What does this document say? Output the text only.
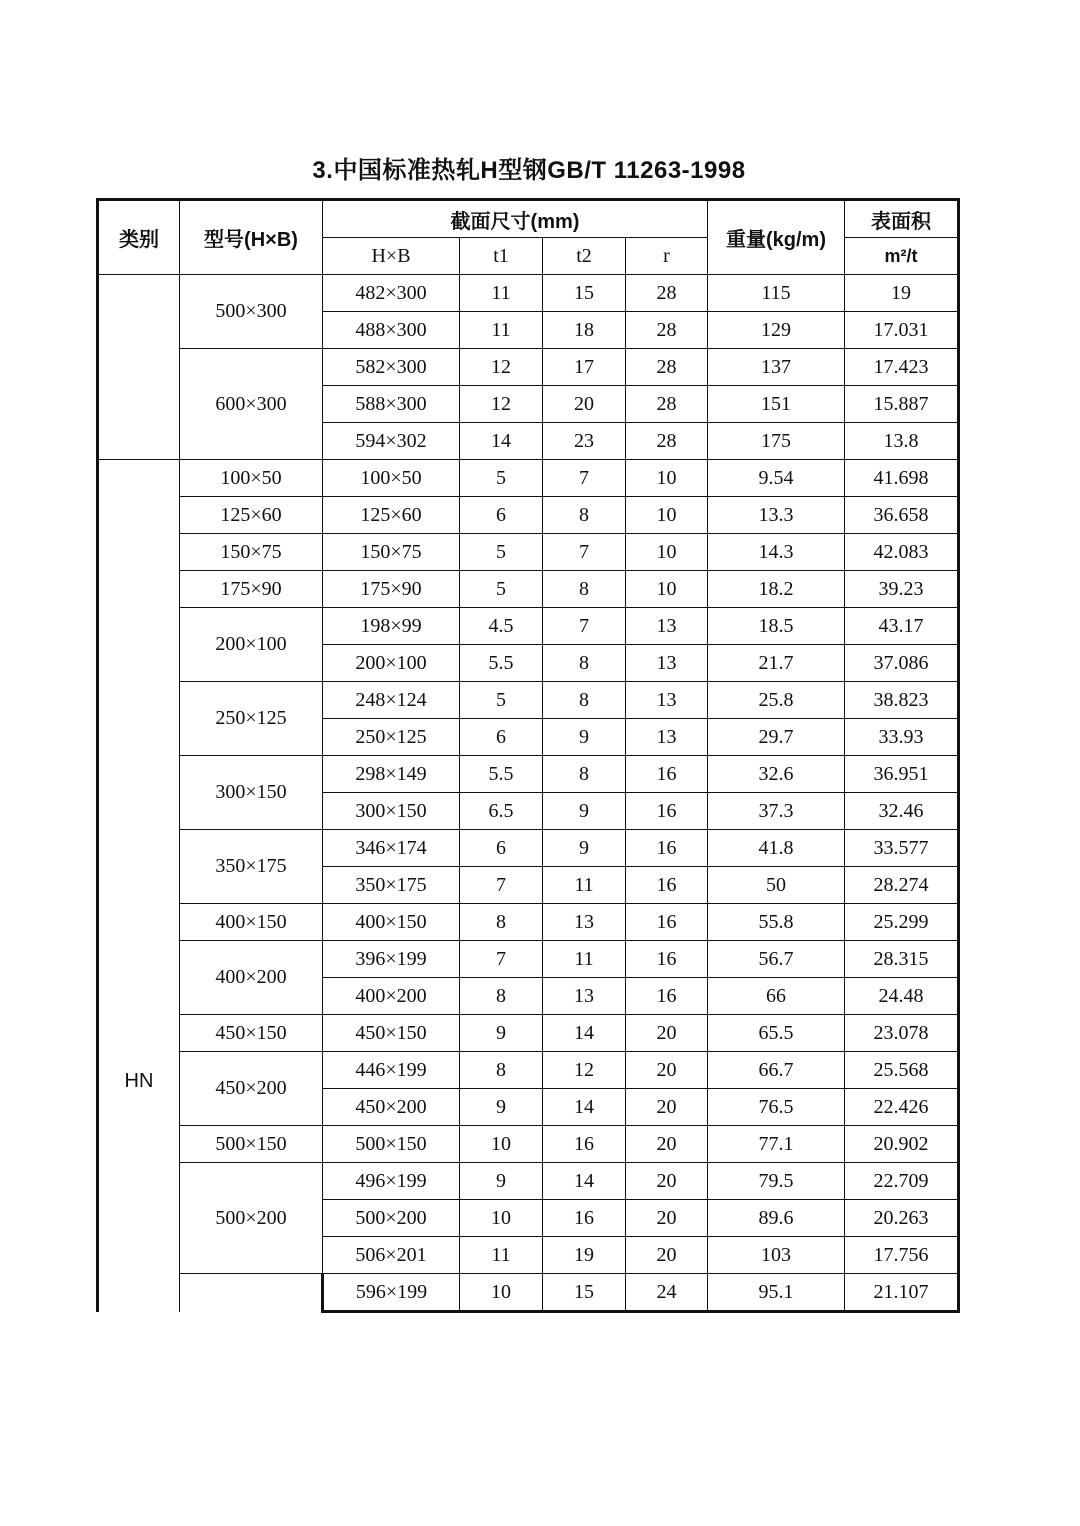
3.中国标准热轧H型钢GB/T 11263-1998
类别	型号(H×B)	截面尺寸(mm)				重量(kg/m)	表面积
		H×B	t1	t2	r		m²/t
	500×300	482×300	11	15	28	115	19
		488×300	11	18	28	129	17.031
	600×300	582×300	12	17	28	137	17.423
		588×300	12	20	28	151	15.887
		594×302	14	23	28	175	13.8
HN	100×50	100×50	5	7	10	9.54	41.698
	125×60	125×60	6	8	10	13.3	36.658
	150×75	150×75	5	7	10	14.3	42.083
	175×90	175×90	5	8	10	18.2	39.23
	200×100	198×99	4.5	7	13	18.5	43.17
		200×100	5.5	8	13	21.7	37.086
	250×125	248×124	5	8	13	25.8	38.823
		250×125	6	9	13	29.7	33.93
	300×150	298×149	5.5	8	16	32.6	36.951
		300×150	6.5	9	16	37.3	32.46
	350×175	346×174	6	9	16	41.8	33.577
		350×175	7	11	16	50	28.274
	400×150	400×150	8	13	16	55.8	25.299
	400×200	396×199	7	11	16	56.7	28.315
		400×200	8	13	16	66	24.48
	450×150	450×150	9	14	20	65.5	23.078
	450×200	446×199	8	12	20	66.7	25.568
		450×200	9	14	20	76.5	22.426
	500×150	500×150	10	16	20	77.1	20.902
	500×200	496×199	9	14	20	79.5	22.709
		500×200	10	16	20	89.6	20.263
		506×201	11	19	20	103	17.756
		596×199	10	15	24	95.1	21.107
